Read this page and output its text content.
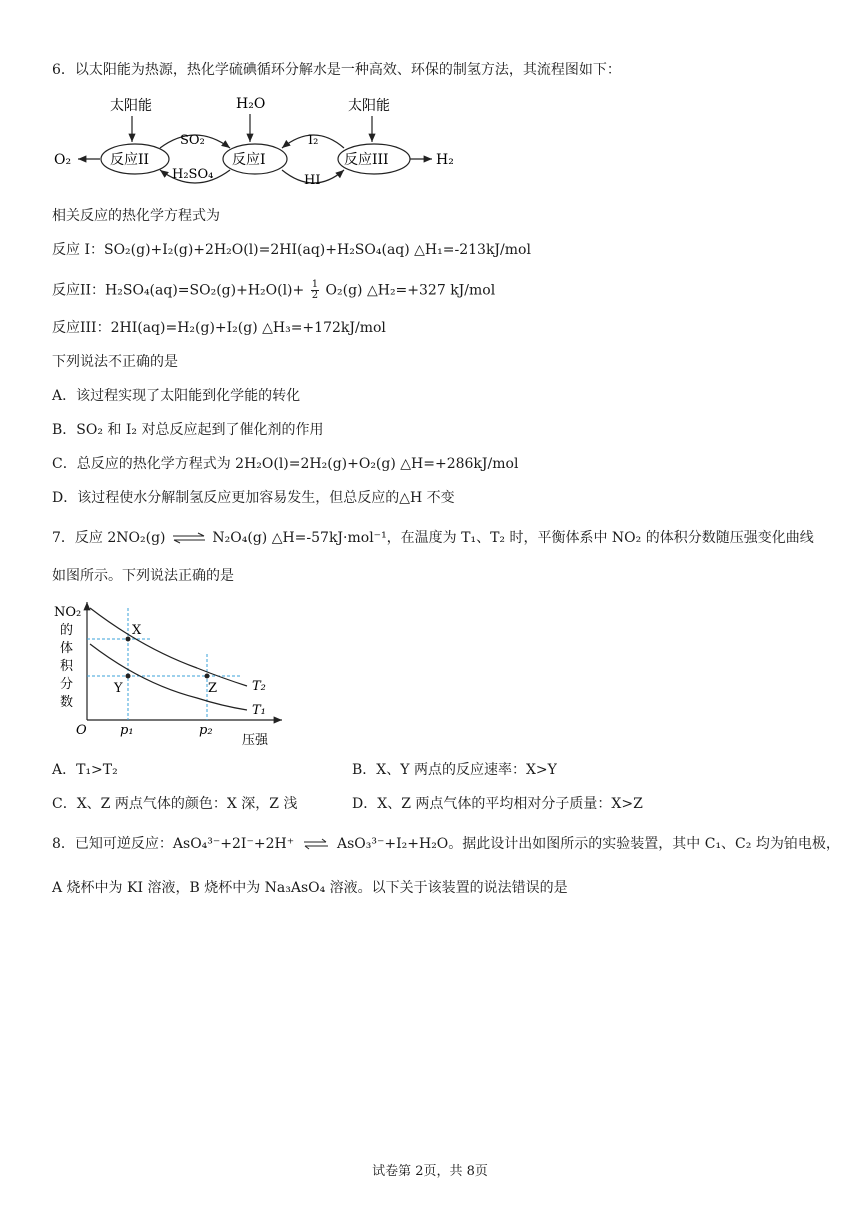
6．以太阳能为热源，热化学硫碘循环分解水是一种高效、环保的制氢方法，其流程图如下：
太阳能	太阳能
H₂O
反应II	反应I	反应III
O₂	H₂
SO₂
H₂SO₄
I₂
HI
相关反应的热化学方程式为
反应 I：SO₂(g)+I₂(g)+2H₂O(l)=2HI(aq)+H₂SO₄(aq) △H₁=-213kJ/mol
反应II：$H_2SO_4(aq)=SO_2(g)+H_2O(l)+ \frac{1}{2} O_2(g)$ △H₂=+327 kJ/mol
反应III：2HI(aq)=H₂(g)+I₂(g) △H₃=+172kJ/mol
下列说法不正确的是
A．该过程实现了太阳能到化学能的转化
B．SO₂ 和 I₂ 对总反应起到了催化剂的作用
C．总反应的热化学方程式为 2H₂O(l)=2H₂(g)+O₂(g) △H=+286kJ/mol
D．该过程使水分解制氢反应更加容易发生，但总反应的△H 不变
7．反应 2NO₂(g) ⇌ N₂O₄(g) △H=-57kJ·mol⁻¹，在温度为 T₁、T₂ 时，平衡体系中 NO₂ 的体积分数随压强变化曲线
如图所示。下列说法正确的是
NO₂
的
体
积
分
数
X
Y	Z	T₂
T₁
O	p₁	p₂
压强
A．T₁>T₂	B．X、Y 两点的反应速率：X>Y
C．X、Z 两点气体的颜色：X 深，Z 浅	D．X、Z 两点气体的平均相对分子质量：X>Z
8．已知可逆反应：AsO₄³⁻+2I⁻+2H⁺ ⇌ AsO₃³⁻+I₂+H₂O。据此设计出如图所示的实验装置，其中 C₁、C₂ 均为铂电极，
A 烧杯中为 KI 溶液，B 烧杯中为 Na₃AsO₄ 溶液。以下关于该装置的说法错误的是
试卷第 2页，共 8页
